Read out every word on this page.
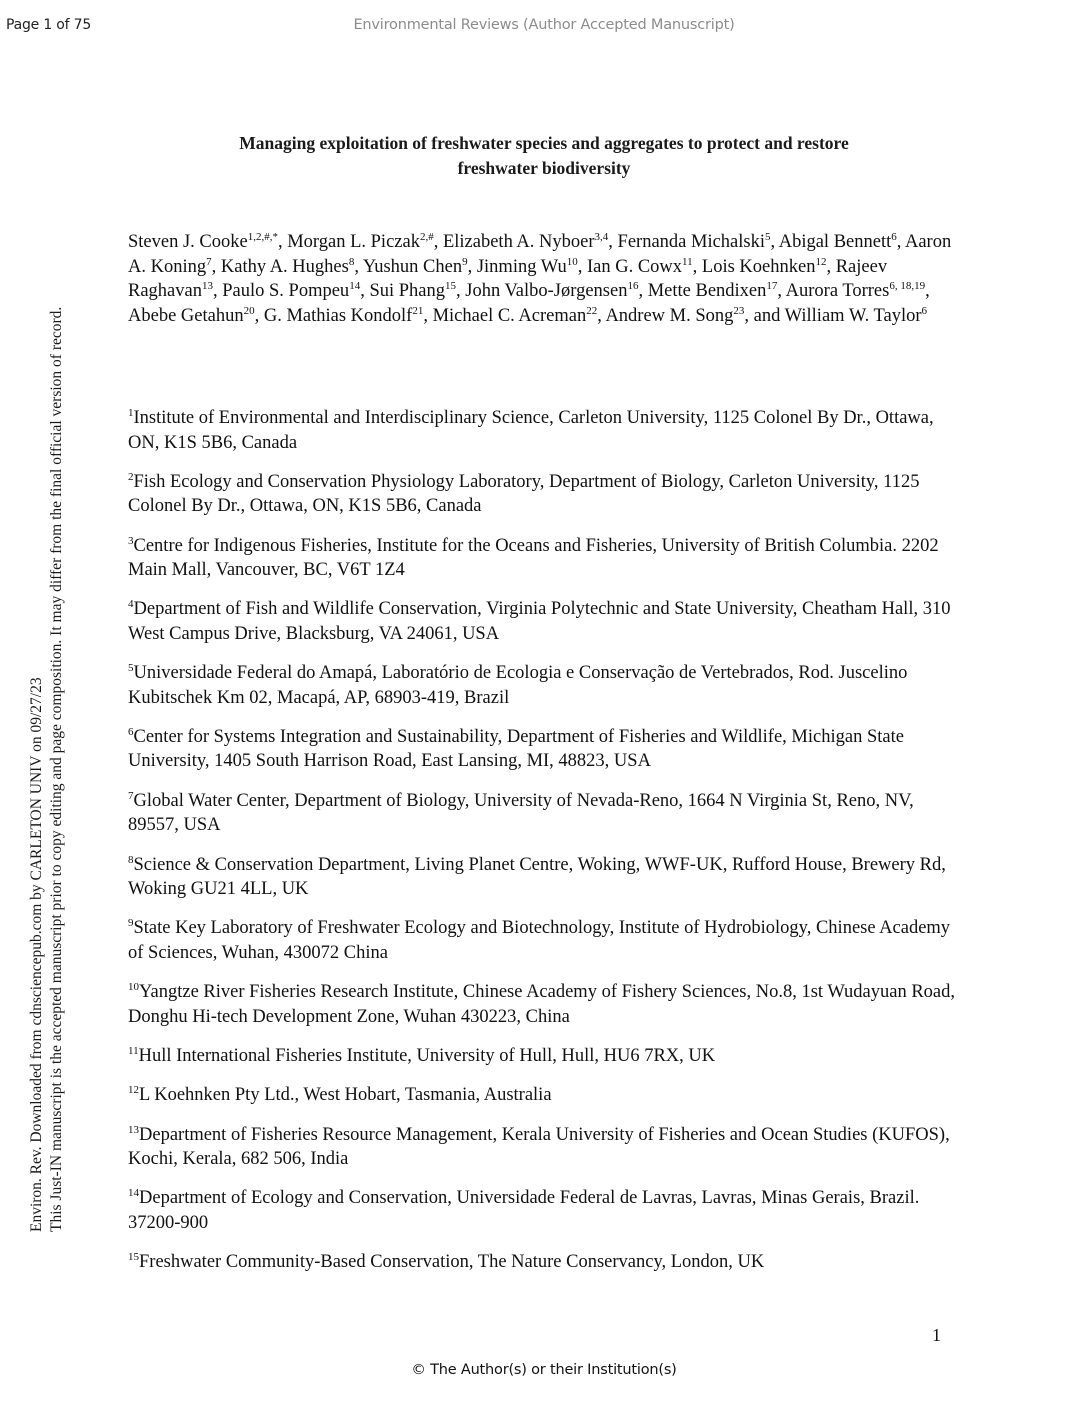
Page 1 of 75	Environmental Reviews (Author Accepted Manuscript)
Environ. Rev. Downloaded from cdnsciencepub.com by CARLETON UNIV on 09/27/23 This Just-IN manuscript is the accepted manuscript prior to copy editing and page composition. It may differ from the final official version of record.
Managing exploitation of freshwater species and aggregates to protect and restore
freshwater biodiversity
Steven J. Cooke$^{1,2,\#,*}$, Morgan L. Piczak$^{2,\#}$, Elizabeth A. Nyboer$^{3,4}$, Fernanda Michalski$^5$, Abigal Bennett$^6$, Aaron A. Koning$^7$, Kathy A. Hughes$^8$, Yushun Chen$^9$, Jinming Wu$^{10}$, Ian G. Cowx$^{11}$, Lois Koehnken$^{12}$, Rajeev Raghavan$^{13}$, Paulo S. Pompeu$^{14}$, Sui Phang$^{15}$, John Valbo-Jørgensen$^{16}$, Mette Bendixen$^{17}$, Aurora Torres$^{6, 18,19}$, Abebe Getahun$^{20}$, G. Mathias Kondolf$^{21}$, Michael C. Acreman$^{22}$, Andrew M. Song$^{23}$, and William W. Taylor$^6$
$^1$Institute of Environmental and Interdisciplinary Science, Carleton University, 1125 Colonel By Dr., Ottawa, ON, K1S 5B6, Canada
$^2$Fish Ecology and Conservation Physiology Laboratory, Department of Biology, Carleton University, 1125 Colonel By Dr., Ottawa, ON, K1S 5B6, Canada
$^3$Centre for Indigenous Fisheries, Institute for the Oceans and Fisheries, University of British Columbia. 2202 Main Mall, Vancouver, BC, V6T 1Z4
$^4$Department of Fish and Wildlife Conservation, Virginia Polytechnic and State University, Cheatham Hall, 310 West Campus Drive, Blacksburg, VA 24061, USA
$^5$Universidade Federal do Amapá, Laboratório de Ecologia e Conservação de Vertebrados, Rod. Juscelino Kubitschek Km 02, Macapá, AP, 68903-419, Brazil
$^6$Center for Systems Integration and Sustainability, Department of Fisheries and Wildlife, Michigan State University, 1405 South Harrison Road, East Lansing, MI, 48823, USA
$^7$Global Water Center, Department of Biology, University of Nevada-Reno, 1664 N Virginia St, Reno, NV, 89557, USA
$^8$Science & Conservation Department, Living Planet Centre, Woking, WWF-UK, Rufford House, Brewery Rd, Woking GU21 4LL, UK
$^9$State Key Laboratory of Freshwater Ecology and Biotechnology, Institute of Hydrobiology, Chinese Academy of Sciences, Wuhan, 430072 China
$^{10}$Yangtze River Fisheries Research Institute, Chinese Academy of Fishery Sciences, No.8, 1st Wudayuan Road, Donghu Hi-tech Development Zone, Wuhan 430223, China
$^{11}$Hull International Fisheries Institute, University of Hull, Hull, HU6 7RX, UK
$^{12}$L Koehnken Pty Ltd., West Hobart, Tasmania, Australia
$^{13}$Department of Fisheries Resource Management, Kerala University of Fisheries and Ocean Studies (KUFOS), Kochi, Kerala, 682 506, India
$^{14}$Department of Ecology and Conservation, Universidade Federal de Lavras, Lavras, Minas Gerais, Brazil. 37200-900
$^{15}$Freshwater Community-Based Conservation, The Nature Conservancy, London, UK
1
© The Author(s) or their Institution(s)
